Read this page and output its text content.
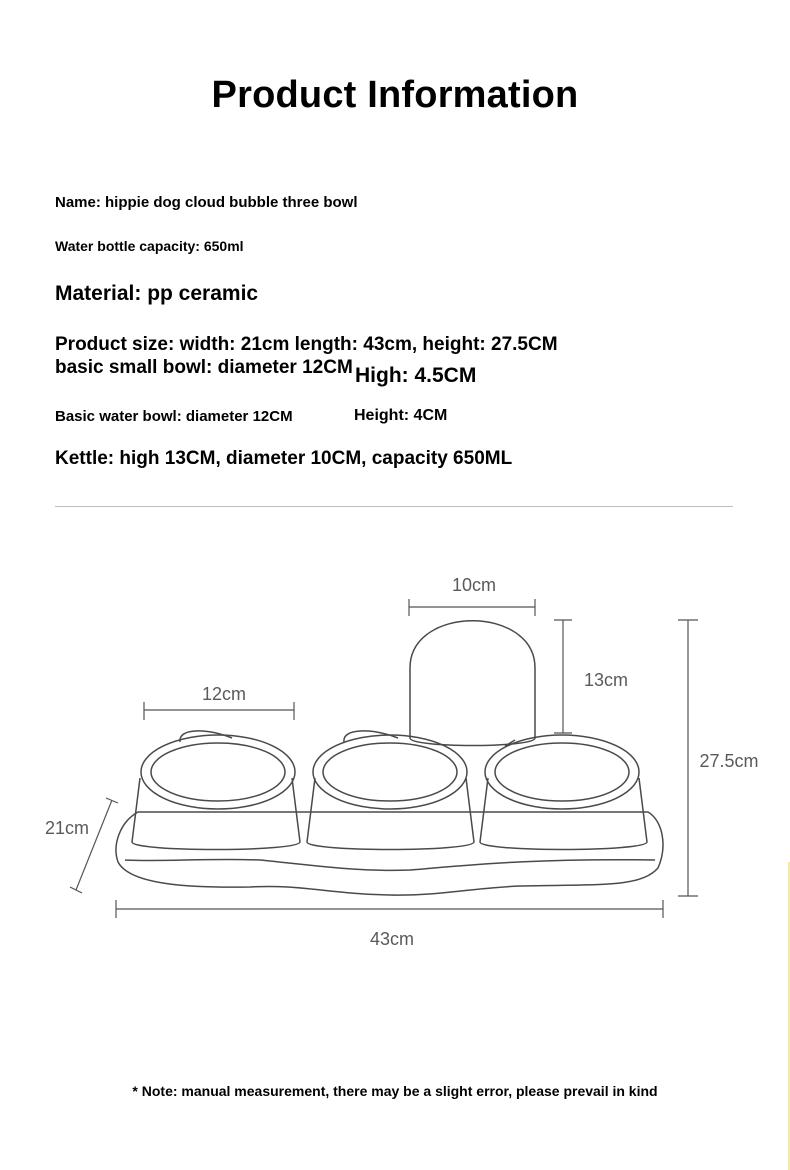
Product Information
Name: hippie dog cloud bubble three bowl
Water bottle capacity: 650ml
Material: pp ceramic
Product size: width: 21cm length: 43cm, height: 27.5CM
basic small bowl: diameter 12CM High: 4.5CM
Basic water bowl: diameter 12CM	Height: 4CM
Kettle: high 13CM, diameter 10CM, capacity 650ML
10cm
13cm
27.5cm
12cm
21cm
43cm
* Note: manual measurement, there may be a slight error, please prevail in kind
